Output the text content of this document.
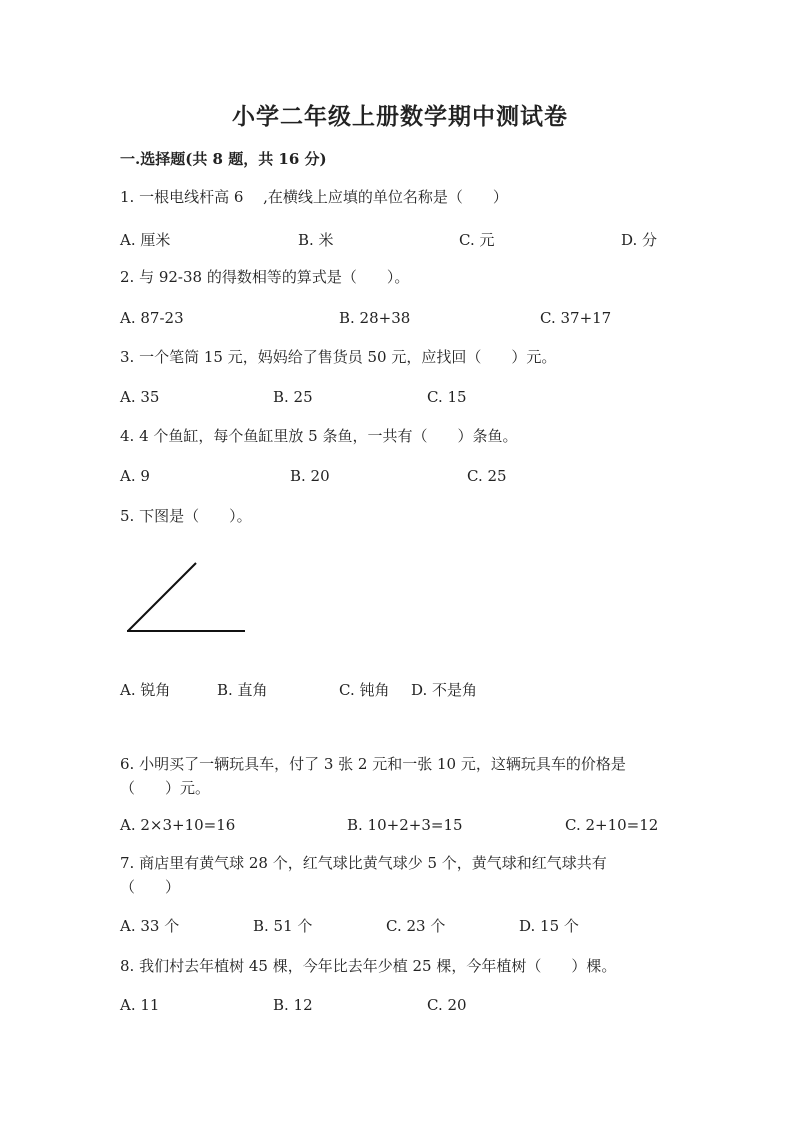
小学二年级上册数学期中测试卷
一.选择题(共 8 题，共 16 分)
1. 一根电线杆高 6　 ,在横线上应填的单位名称是（　　）
A. 厘米	B. 米	C. 元	D. 分
2. 与 92-38 的得数相等的算式是（　　）。
A. 87-23	B. 28+38	C. 37+17
3. 一个笔筒 15 元，妈妈给了售货员 50 元，应找回（　　）元。
A. 35	B. 25	C. 15
4. 4 个鱼缸，每个鱼缸里放 5 条鱼，一共有（　　）条鱼。
A. 9	B. 20	C. 25
5. 下图是（　　）。
A. 锐角	B. 直角	C. 钝角 D. 不是角
6. 小明买了一辆玩具车，付了 3 张 2 元和一张 10 元，这辆玩具车的价格是
（　　）元。
A. 2×3+10=16	B. 10+2+3=15	C. 2+10=12
7. 商店里有黄气球 28 个，红气球比黄气球少 5 个，黄气球和红气球共有
（　　）
A. 33 个	B. 51 个	C. 23 个	D. 15 个
8. 我们村去年植树 45 棵，今年比去年少植 25 棵，今年植树（　　）棵。
A. 11	B. 12	C. 20
